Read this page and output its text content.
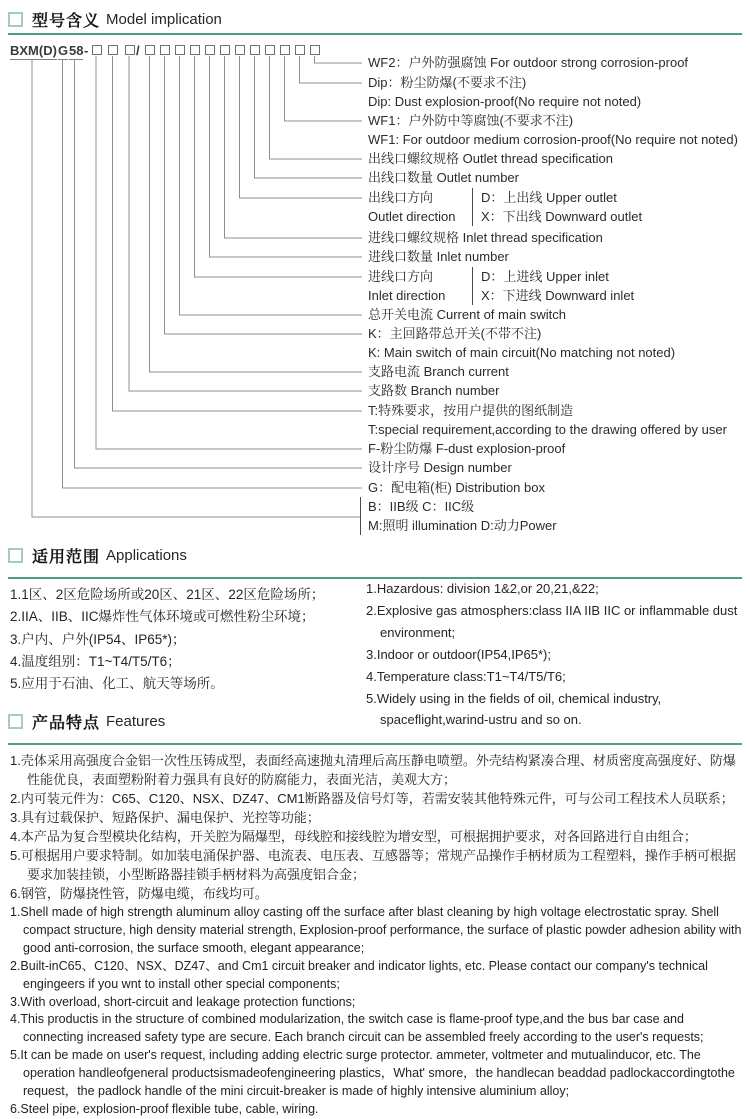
型号含义 Model implication
BXM(D) G 58 -	/
WF2：户外防强腐蚀 For outdoor strong corrosion-proof
Dip：粉尘防爆(不要求不注)
Dip: Dust explosion-proof(No require not noted)
WF1：户外防中等腐蚀(不要求不注)
WF1: For outdoor medium corrosion-proof(No require not noted)
出线口螺纹规格 Outlet thread specification
出线口数量 Outlet number
出线口方向
Outlet direction
D：上出线 Upper outlet
X：下出线 Downward outlet
进线口螺纹规格 Inlet thread specification
进线口数量 Inlet number
进线口方向
Inlet direction
D：上进线 Upper inlet
X：下进线 Downward inlet
总开关电流 Current of main switch
K：主回路带总开关(不带不注)
K: Main switch of main circuit(No matching not noted)
支路电流 Branch current
支路数 Branch number
T:特殊要求，按用户提供的图纸制造
T:special requirement,according to the drawing offered by user
F-粉尘防爆 F-dust explosion-proof
设计序号 Design number
G：配电箱(柜) Distribution box
B：IIB级 C：IIC级
M:照明 illumination D:动力Power
适用范围 Applications
1.1区、2区危险场所或20区、21区、22区危险场所；
2.IIA、IIB、IIC爆炸性气体环境或可燃性粉尘环境；
3.户内、户外(IP54、IP65*)；
4.温度组别：T1~T4/T5/T6；
5.应用于石油、化工、航天等场所。
1.Hazardous: division 1&2,or 20,21,&22;
2.Explosive gas atmosphers:class IIA IIB IIC or inflammable dust environment;
3.Indoor or outdoor(IP54,IP65*);
4.Temperature class:T1~T4/T5/T6;
5.Widely using in the fields of oil, chemical industry, spaceflight,warind-ustru and so on.
产品特点 Features
1.壳体采用高强度合金铝一次性压铸成型，表面经高速抛丸清理后高压静电喷塑。外壳结构紧凑合理、材质密度高强度好、防爆性能优良，表面塑粉附着力强具有良好的防腐能力，表面光洁，美观大方；
2.内可装元件为：C65、C120、NSX、DZ47、CM1断路器及信号灯等，若需安装其他特殊元件，可与公司工程技术人员联系；
3.具有过载保护、短路保护、漏电保护、光控等功能；
4.本产品为复合型模块化结构，开关腔为隔爆型，母线腔和接线腔为增安型，可根据拥护要求，对各回路进行自由组合；
5.可根据用户要求特制。如加装电涌保护器、电流表、电压表、互感器等；常规产品操作手柄材质为工程塑料，操作手柄可根据要求加装挂锁，小型断路器挂锁手柄材料为高强度铝合金；
6.钢管，防爆挠性管，防爆电缆，布线均可。
1.Shell made of high strength aluminum alloy casting off the surface after blast cleaning by high voltage electrostatic spray. Shell compact structure, high density material strength, Explosion-proof performance, the surface of plastic powder adhesion ability with good anti-corrosion, the surface smooth, elegant appearance;
2.Built-inC65、C120、NSX、DZ47、and Cm1 circuit breaker and indicator lights, etc. Please contact our company's technical engingeers if you wnt to install other special components;
3.With overload, short-circuit and leakage protection functions;
4.This productis in the structure of combined modularization, the switch case is flame-proof type,and the bus bar case and connecting increased safety type are secure. Each branch circuit can be assembled freely according to the user's requests;
5.It can be made on user's request, including adding electric surge protector. ammeter, voltmeter and mutualinducor, etc. The operation handleofgeneral productsismadeofengineering plastics，What' smore，the handlecan beaddad padlockaccordingtothe request，the padlock handle of the mini circuit-breaker is made of highly intensive aluminium alloy;
6.Steel pipe, explosion-proof flexible tube, cable, wiring.
